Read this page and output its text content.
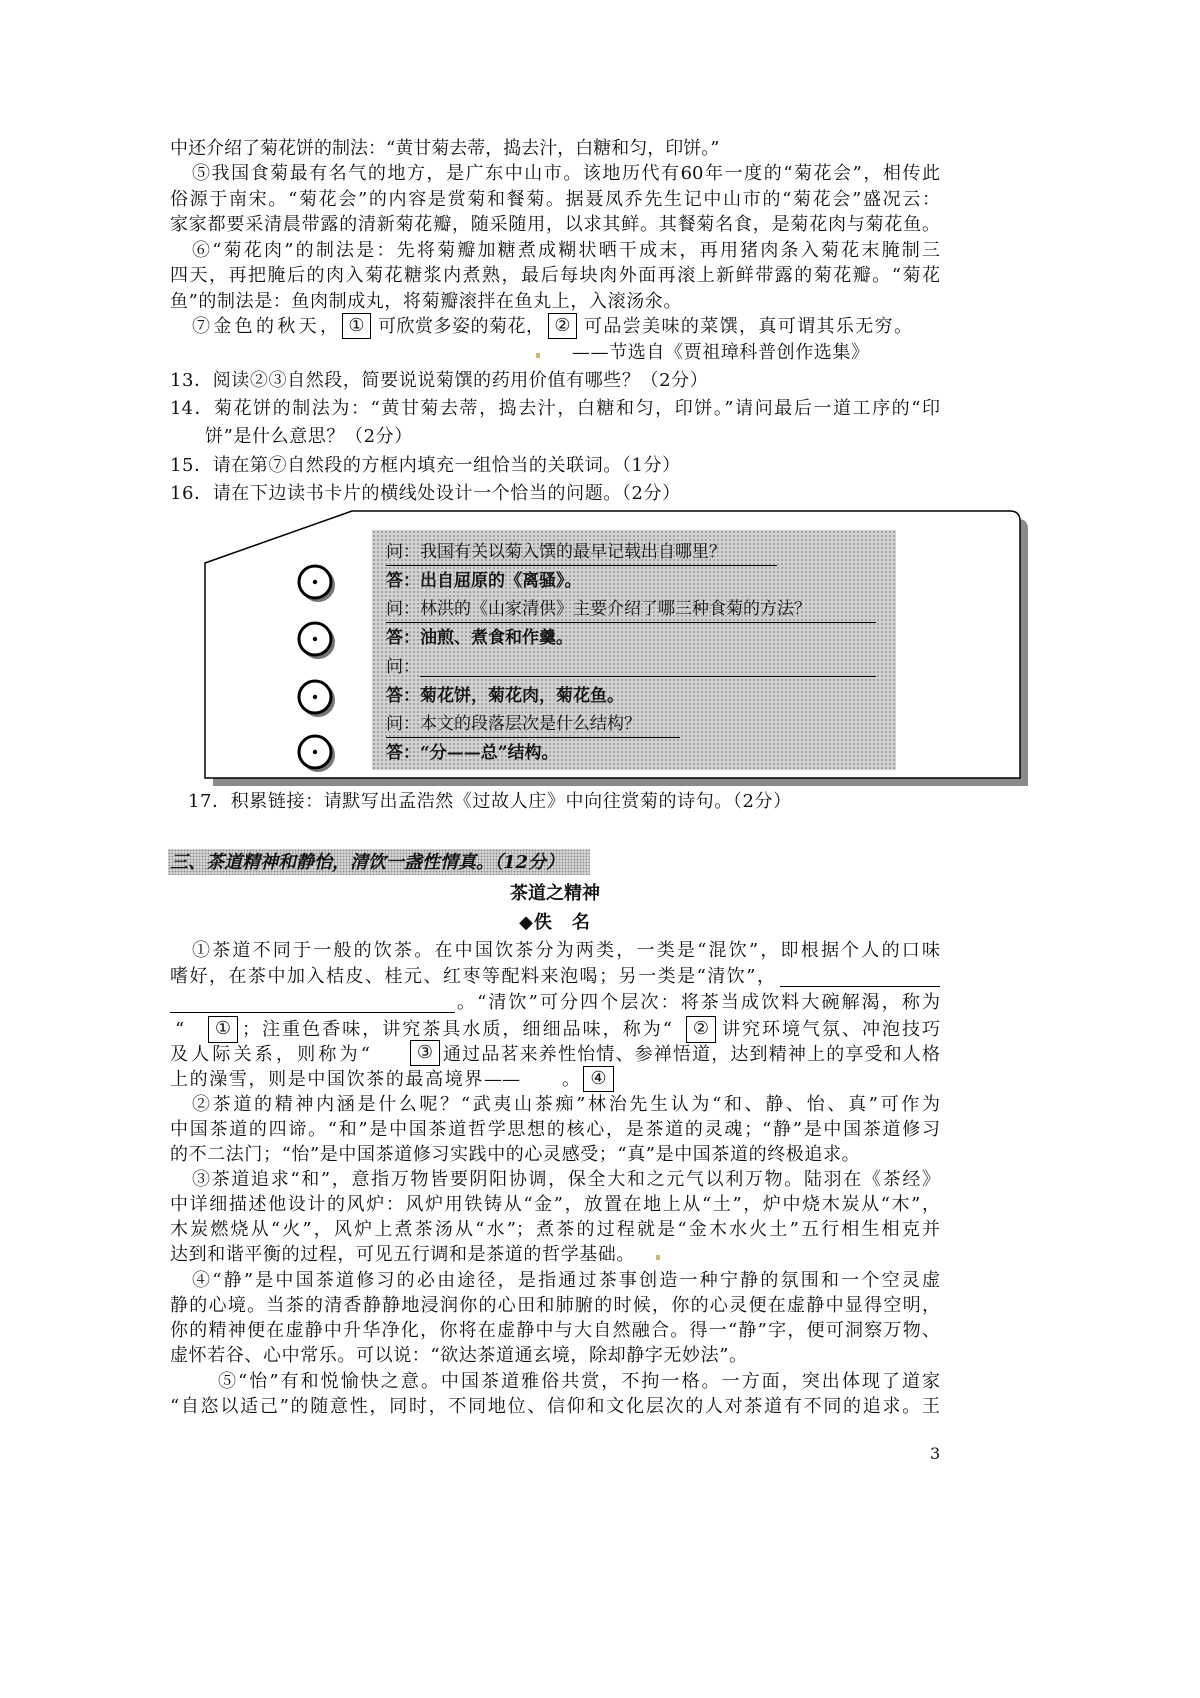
中还介绍了菊花饼的制法：“黄甘菊去蒂，捣去汁，白糖和匀，印饼。”
⑤我国食菊最有名气的地方，是广东中山市。该地历代有60年一度的“菊花会”，相传此
俗源于南宋。“菊花会”的内容是赏菊和餐菊。据聂凤乔先生记中山市的“菊花会”盛况云：
家家都要采清晨带露的清新菊花瓣，随采随用，以求其鲜。其餐菊名食，是菊花肉与菊花鱼。
⑥“菊花肉”的制法是：先将菊瓣加糖煮成糊状晒干成末，再用猪肉条入菊花末腌制三
四天，再把腌后的肉入菊花糖浆内煮熟，最后每块肉外面再滚上新鲜带露的菊花瓣。“菊花
鱼”的制法是：鱼肉制成丸，将菊瓣滚拌在鱼丸上，入滚汤氽。
⑦金色的秋天， ① 可欣赏多姿的菊花， ② 可品尝美味的菜馔，真可谓其乐无穷。
——节选自《贾祖璋科普创作选集》
13．阅读②③自然段，简要说说菊馔的药用价值有哪些？（2分）
14．菊花饼的制法为：“黄甘菊去蒂，捣去汁，白糖和匀，印饼。”请问最后一道工序的“印
饼”是什么意思？（2分）
15．请在第⑦自然段的方框内填充一组恰当的关联词。（1分）
16．请在下边读书卡片的横线处设计一个恰当的问题。（2分）
问：我国有关以菊入馔的最早记载出自哪里？
答：出自屈原的《离骚》。
问：林洪的《山家清供》主要介绍了哪三种食菊的方法？
答：油煎、煮食和作羹。
问：
答：菊花饼，菊花肉，菊花鱼。
问：本文的段落层次是什么结构？
答：“分——总”结构。
17．积累链接：请默写出孟浩然《过故人庄》中向往赏菊的诗句。（2分）
三、茶道精神和静怡，清饮一盏性情真。（12分）
茶道之精神
◆佚　名
①茶道不同于一般的饮茶。在中国饮茶分为两类，一类是“混饮”，即根据个人的口味
嗜好，在茶中加入桔皮、桂元、红枣等配料来泡喝；另一类是“清饮”，
。“清饮”可分四个层次：将茶当成饮料大碗解渴，称为
“	① ；注重色香味，讲究茶具水质，细细品味，称为“	② 讲究环境气氛、冲泡技巧
及人际关系，则称为“	③ 通过品茗来养性怡情、参禅悟道，达到精神上的享受和人格
上的澡雪，则是中国饮茶的最高境界—— 。 ④
②茶道的精神内涵是什么呢？“武夷山茶痴”林治先生认为“和、静、怡、真”可作为
中国茶道的四谛。“和”是中国茶道哲学思想的核心，是茶道的灵魂；“静”是中国茶道修习
的不二法门；“怡”是中国茶道修习实践中的心灵感受；“真”是中国茶道的终极追求。
③茶道追求“和”，意指万物皆要阴阳协调，保全大和之元气以利万物。陆羽在《茶经》
中详细描述他设计的风炉：风炉用铁铸从“金”，放置在地上从“土”，炉中烧木炭从“木”，
木炭燃烧从“火”，风炉上煮茶汤从“水”；煮茶的过程就是“金木水火土”五行相生相克并
达到和谐平衡的过程，可见五行调和是茶道的哲学基础。
④“静”是中国茶道修习的必由途径，是指通过茶事创造一种宁静的氛围和一个空灵虚
静的心境。当茶的清香静静地浸润你的心田和肺腑的时候，你的心灵便在虚静中显得空明，
你的精神便在虚静中升华净化，你将在虚静中与大自然融合。得一“静”字，便可洞察万物、
虚怀若谷、心中常乐。可以说：“欲达茶道通玄境，除却静字无妙法”。
⑤“怡”有和悦愉快之意。中国茶道雅俗共赏，不拘一格。一方面，突出体现了道家
“自恣以适己”的随意性，同时，不同地位、信仰和文化层次的人对茶道有不同的追求。王
3
